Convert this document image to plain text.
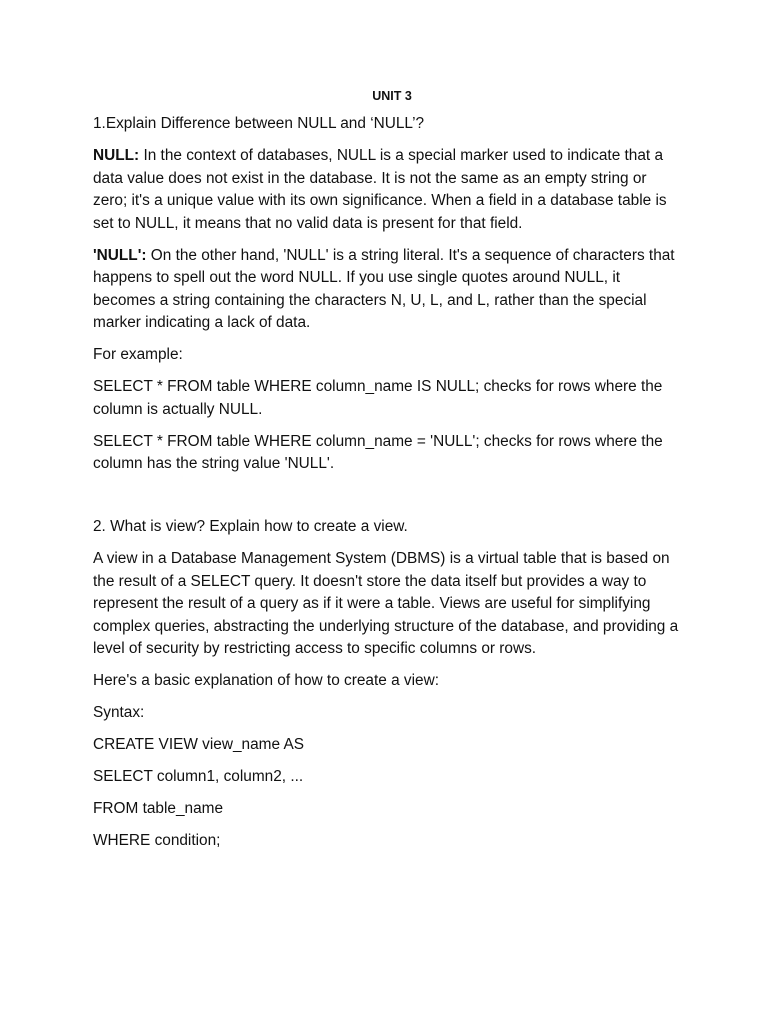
UNIT 3

1.Explain Difference between NULL and ‘NULL’?

NULL: In the context of databases, NULL is a special marker used to indicate that a data value does not exist in the database. It is not the same as an empty string or zero; it's a unique value with its own significance. When a field in a database table is set to NULL, it means that no valid data is present for that field.

'NULL': On the other hand, 'NULL' is a string literal. It's a sequence of characters that happens to spell out the word NULL. If you use single quotes around NULL, it becomes a string containing the characters N, U, L, and L, rather than the special marker indicating a lack of data.

For example:

SELECT * FROM table WHERE column_name IS NULL; checks for rows where the column is actually NULL.

SELECT * FROM table WHERE column_name = 'NULL'; checks for rows where the column has the string value 'NULL'.

2. What is view? Explain how to create a view.

A view in a Database Management System (DBMS) is a virtual table that is based on the result of a SELECT query. It doesn't store the data itself but provides a way to represent the result of a query as if it were a table. Views are useful for simplifying complex queries, abstracting the underlying structure of the database, and providing a level of security by restricting access to specific columns or rows.

Here's a basic explanation of how to create a view:

Syntax:

CREATE VIEW view_name AS

SELECT column1, column2, ...

FROM table_name

WHERE condition;
